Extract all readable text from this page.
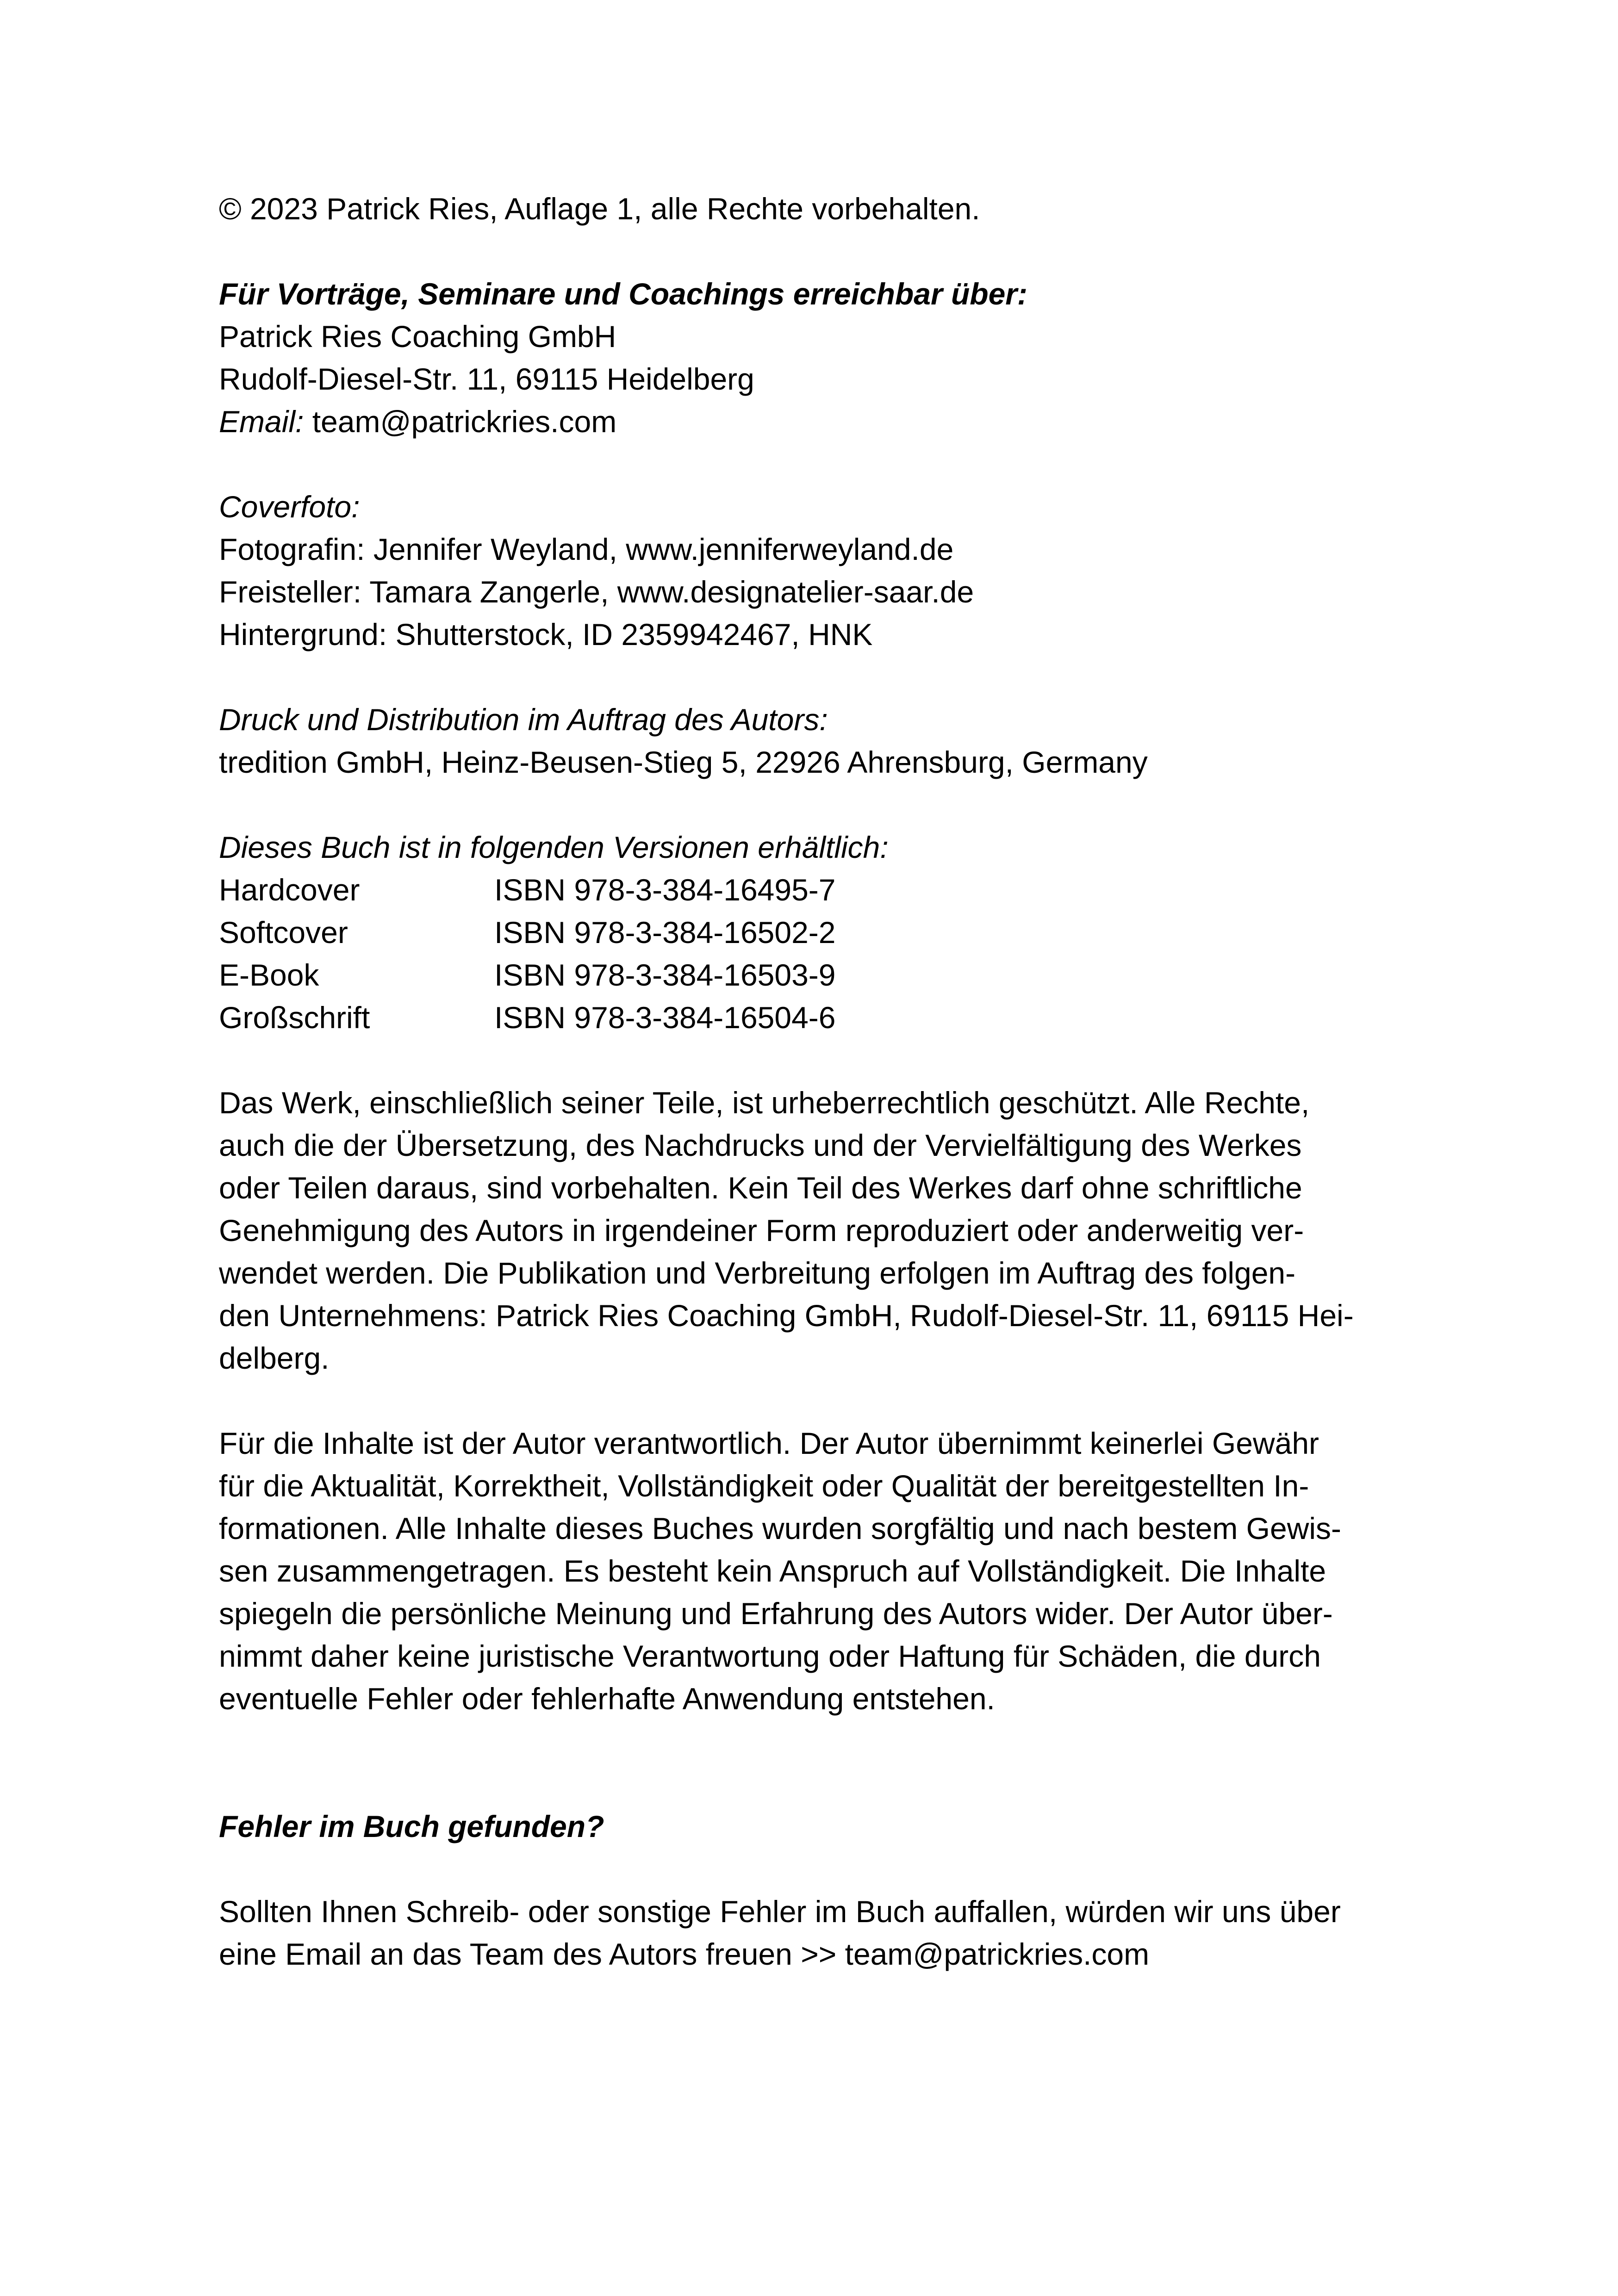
© 2023 Patrick Ries, Auflage 1, alle Rechte vorbehalten.
Für Vorträge, Seminare und Coachings erreichbar über:
Patrick Ries Coaching GmbH
Rudolf-Diesel-Str. 11, 69115 Heidelberg
Email: team@patrickries.com
Coverfoto:
Fotografin: Jennifer Weyland, www.jenniferweyland.de
Freisteller: Tamara Zangerle, www.designatelier-saar.de
Hintergrund: Shutterstock, ID 2359942467, HNK
Druck und Distribution im Auftrag des Autors:
tredition GmbH, Heinz-Beusen-Stieg 5, 22926 Ahrensburg, Germany
Dieses Buch ist in folgenden Versionen erhältlich:
Hardcover	ISBN 978-3-384-16495-7
Softcover	ISBN 978-3-384-16502-2
E-Book	ISBN 978-3-384-16503-9
Großschrift	ISBN 978-3-384-16504-6
Das Werk, einschließlich seiner Teile, ist urheberrechtlich geschützt. Alle Rechte,
auch die der Übersetzung, des Nachdrucks und der Vervielfältigung des Werkes
oder Teilen daraus, sind vorbehalten. Kein Teil des Werkes darf ohne schriftliche
Genehmigung des Autors in irgendeiner Form reproduziert oder anderweitig ver-
wendet werden. Die Publikation und Verbreitung erfolgen im Auftrag des folgen-
den Unternehmens: Patrick Ries Coaching GmbH, Rudolf-Diesel-Str. 11, 69115 Hei-
delberg.
Für die Inhalte ist der Autor verantwortlich. Der Autor übernimmt keinerlei Gewähr
für die Aktualität, Korrektheit, Vollständigkeit oder Qualität der bereitgestellten In-
formationen. Alle Inhalte dieses Buches wurden sorgfältig und nach bestem Gewis-
sen zusammengetragen. Es besteht kein Anspruch auf Vollständigkeit. Die Inhalte
spiegeln die persönliche Meinung und Erfahrung des Autors wider. Der Autor über-
nimmt daher keine juristische Verantwortung oder Haftung für Schäden, die durch
eventuelle Fehler oder fehlerhafte Anwendung entstehen.
Fehler im Buch gefunden?
Sollten Ihnen Schreib- oder sonstige Fehler im Buch auffallen, würden wir uns über
eine Email an das Team des Autors freuen >> team@patrickries.com
